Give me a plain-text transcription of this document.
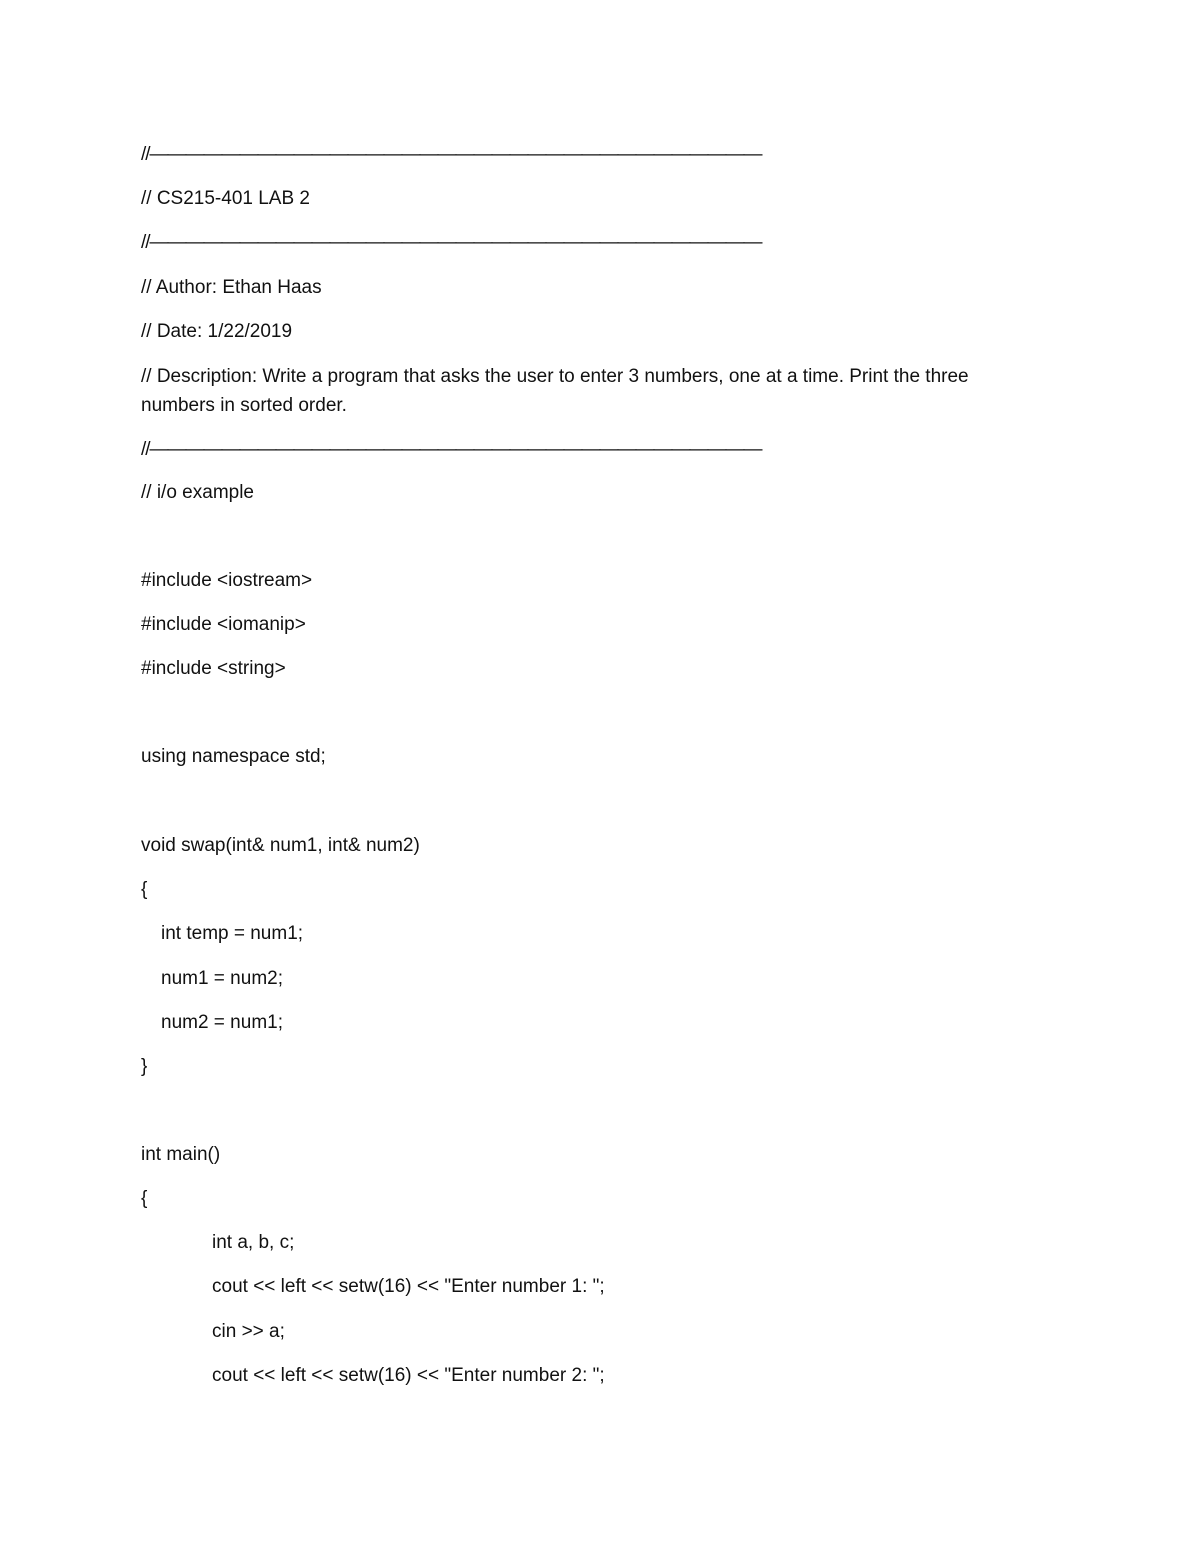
//——————————————————————————————————
// CS215-401 LAB 2
//——————————————————————————————————
// Author: Ethan Haas
// Date: 1/22/2019
// Description: Write a program that asks the user to enter 3 numbers, one at a time. Print the three numbers in sorted order.
//——————————————————————————————————
// i/o example
#include <iostream>
#include <iomanip>
#include <string>
using namespace std;
void swap(int& num1, int& num2)
{
int temp = num1;
num1 = num2;
num2 = num1;
}
int main()
{
int a, b, c;
cout << left << setw(16) << "Enter number 1: ";
cin >> a;
cout << left << setw(16) << "Enter number 2: ";
